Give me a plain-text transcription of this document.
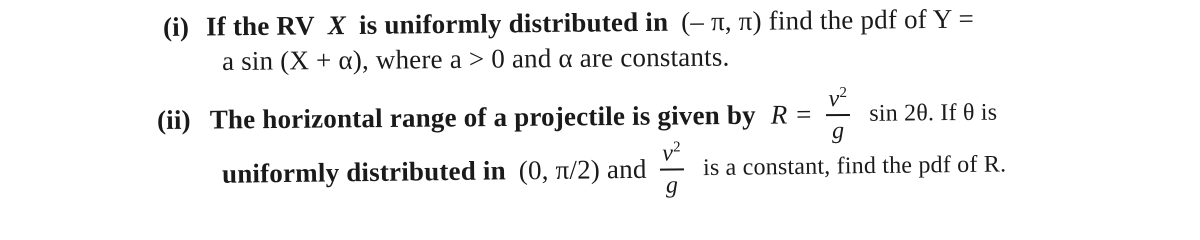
(i) If the RV X is uniformly distributed in (– π, π) find the pdf of Y =
a sin (X + α), where a > 0 and α are constants.
(ii) The horizontal range of a projectile is given by $R = \frac{v^2}{g}$ sin 2θ. If θ is
uniformly distributed in (0, π/2) and $\frac{v^2}{g}$ is a constant, find the pdf of R.
